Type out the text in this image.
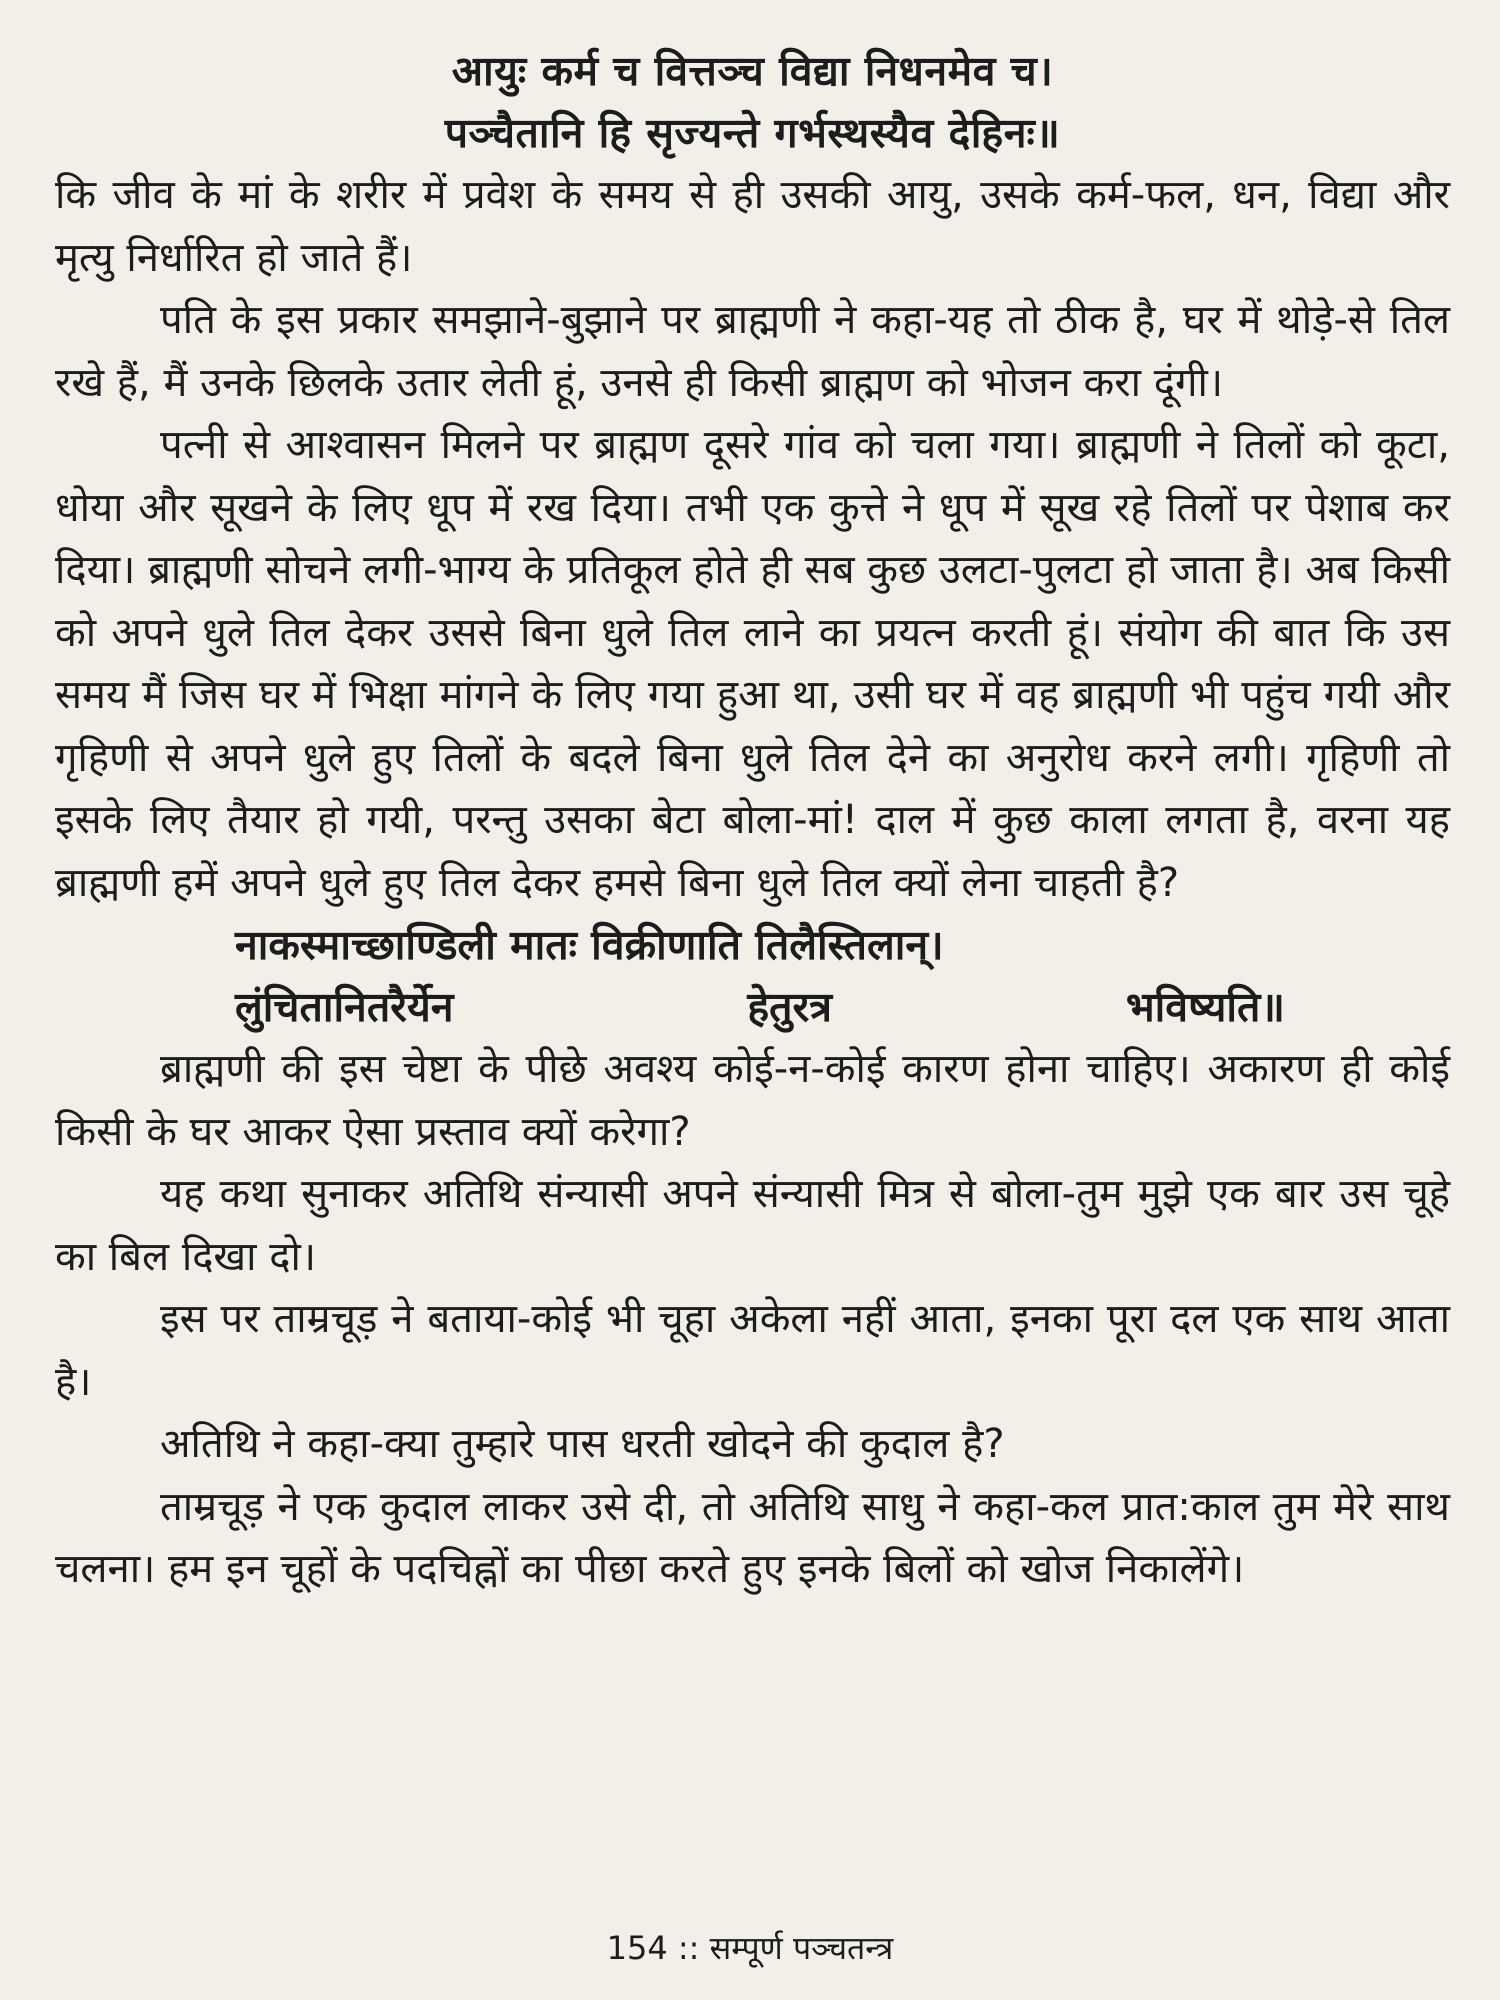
आयुः कर्म च वित्तञ्च विद्या निधनमेव च।
पञ्चैतानि हि सृज्यन्ते गर्भस्थस्यैव देहिनः॥

कि जीव के मां के शरीर में प्रवेश के समय से ही उसकी आयु, उसके कर्म-फल, धन, विद्या और मृत्यु निर्धारित हो जाते हैं।

पति के इस प्रकार समझाने-बुझाने पर ब्राह्मणी ने कहा-यह तो ठीक है, घर में थोड़े-से तिल रखे हैं, मैं उनके छिलके उतार लेती हूं, उनसे ही किसी ब्राह्मण को भोजन करा दूंगी।

पत्नी से आश्वासन मिलने पर ब्राह्मण दूसरे गांव को चला गया। ब्राह्मणी ने तिलों को कूटा, धोया और सूखने के लिए धूप में रख दिया। तभी एक कुत्ते ने धूप में सूख रहे तिलों पर पेशाब कर दिया। ब्राह्मणी सोचने लगी-भाग्य के प्रतिकूल होते ही सब कुछ उलटा-पुलटा हो जाता है। अब किसी को अपने धुले तिल देकर उससे बिना धुले तिल लाने का प्रयत्न करती हूं। संयोग की बात कि उस समय मैं जिस घर में भिक्षा मांगने के लिए गया हुआ था, उसी घर में वह ब्राह्मणी भी पहुंच गयी और गृहिणी से अपने धुले हुए तिलों के बदले बिना धुले तिल देने का अनुरोध करने लगी। गृहिणी तो इसके लिए तैयार हो गयी, परन्तु उसका बेटा बोला-मां! दाल में कुछ काला लगता है, वरना यह ब्राह्मणी हमें अपने धुले हुए तिल देकर हमसे बिना धुले तिल क्यों लेना चाहती है?

नाकस्माच्छाण्डिली मातः विक्रीणाति तिलैस्तिलान्।
लुंचितानितरैर्येन	हेतुरत्र	भविष्यति॥

ब्राह्मणी की इस चेष्टा के पीछे अवश्य कोई-न-कोई कारण होना चाहिए। अकारण ही कोई किसी के घर आकर ऐसा प्रस्ताव क्यों करेगा?

यह कथा सुनाकर अतिथि संन्यासी अपने संन्यासी मित्र से बोला-तुम मुझे एक बार उस चूहे का बिल दिखा दो।

इस पर ताम्रचूड़ ने बताया-कोई भी चूहा अकेला नहीं आता, इनका पूरा दल एक साथ आता है।

अतिथि ने कहा-क्या तुम्हारे पास धरती खोदने की कुदाल है?

ताम्रचूड़ ने एक कुदाल लाकर उसे दी, तो अतिथि साधु ने कहा-कल प्रात:काल तुम मेरे साथ चलना। हम इन चूहों के पदचिह्नों का पीछा करते हुए इनके बिलों को खोज निकालेंगे।

154 :: सम्पूर्ण पञ्चतन्त्र
